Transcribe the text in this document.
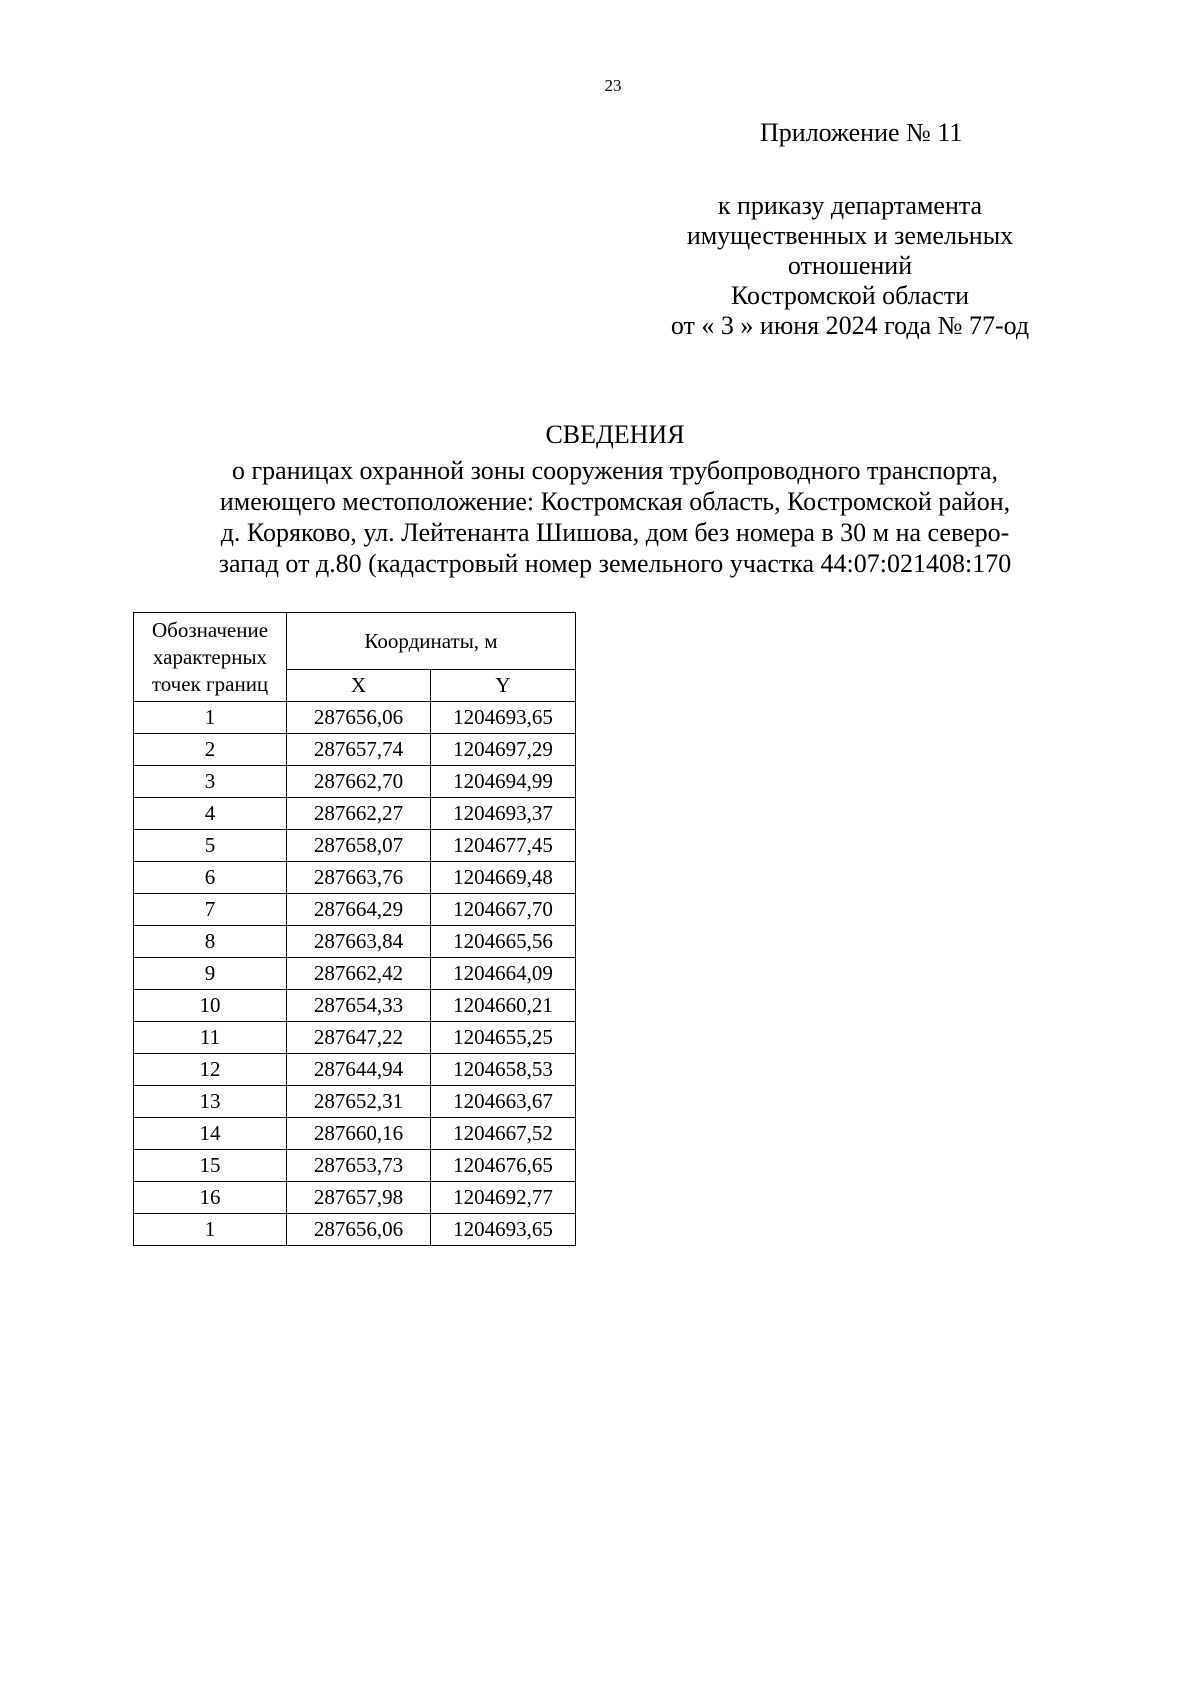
23
Приложение № 11
к приказу департамента
имущественных и земельных
отношений
Костромской области
от « 3 » июня 2024 года № 77-од
СВЕДЕНИЯ
о границах охранной зоны сооружения трубопроводного транспорта,
имеющего местоположение: Костромская область, Костромской район,
д. Коряково, ул. Лейтенанта Шишова, дом без номера в 30 м на северо-
запад от д.80 (кадастровый номер земельного участка 44:07:021408:170
Обозначение
характерных
точек границ	Координаты, м	
	X	Y
1	287656,06	1204693,65
2	287657,74	1204697,29
3	287662,70	1204694,99
4	287662,27	1204693,37
5	287658,07	1204677,45
6	287663,76	1204669,48
7	287664,29	1204667,70
8	287663,84	1204665,56
9	287662,42	1204664,09
10	287654,33	1204660,21
11	287647,22	1204655,25
12	287644,94	1204658,53
13	287652,31	1204663,67
14	287660,16	1204667,52
15	287653,73	1204676,65
16	287657,98	1204692,77
1	287656,06	1204693,65
